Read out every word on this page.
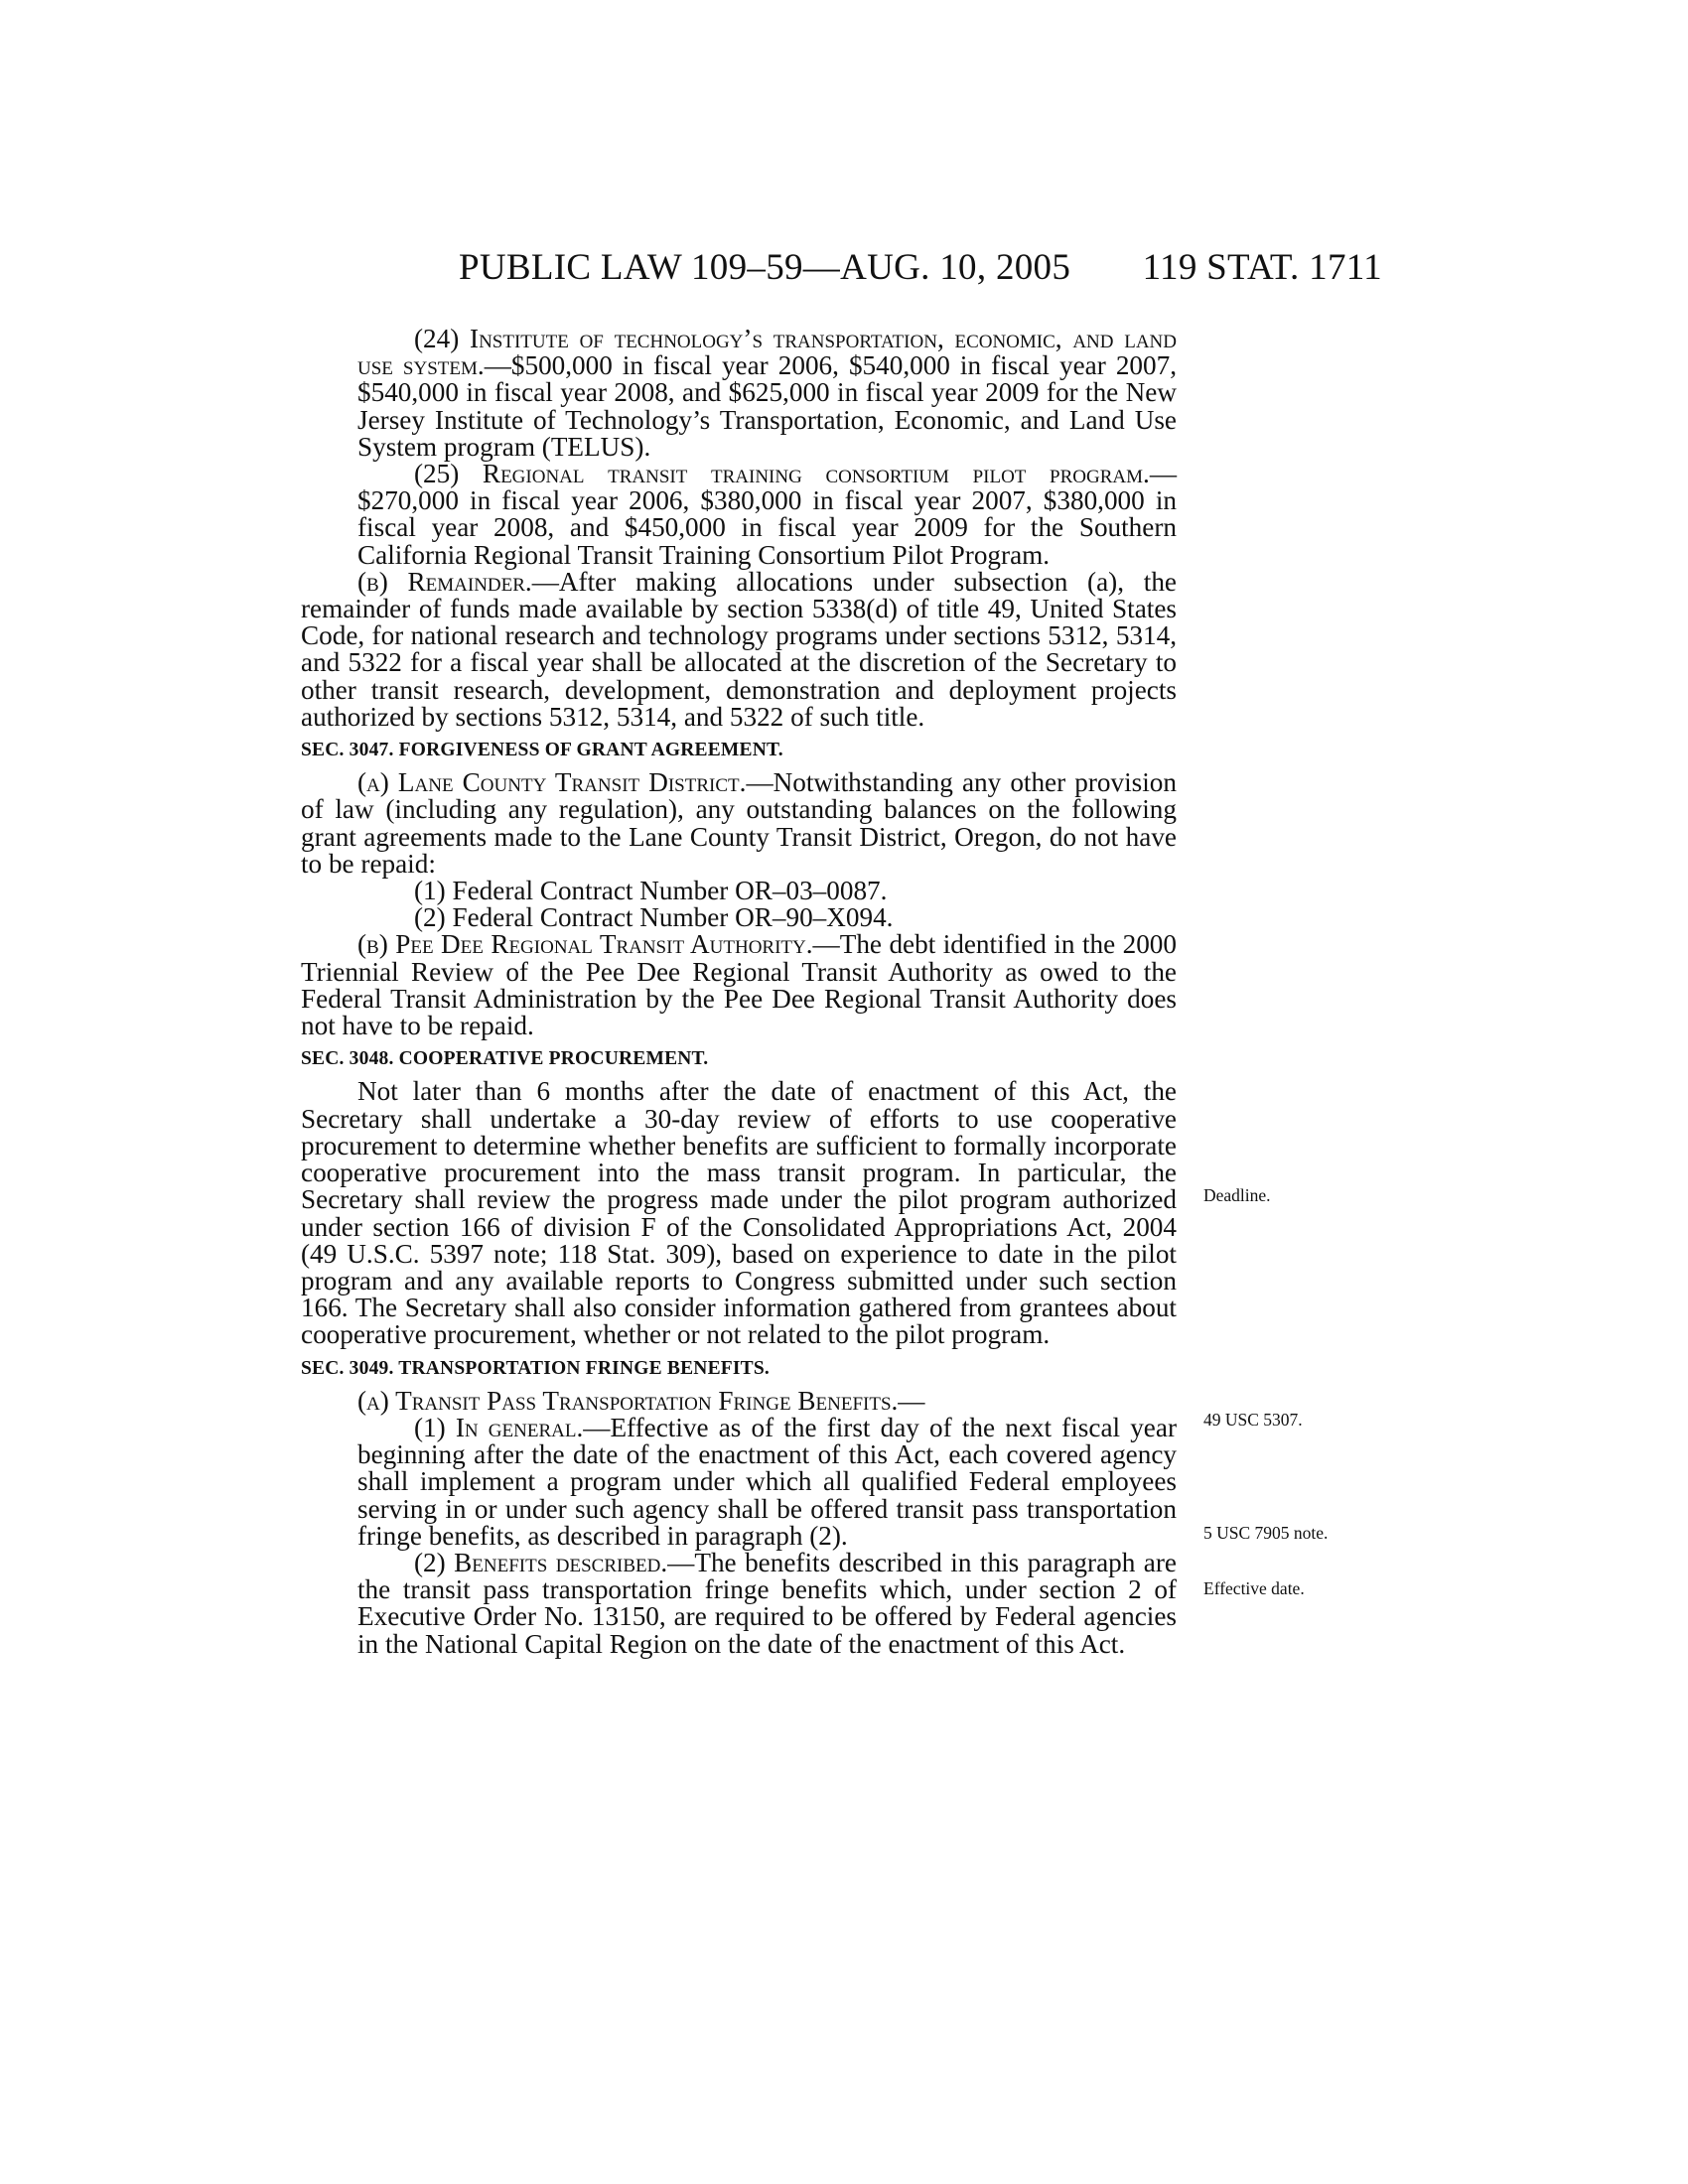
PUBLIC LAW 109–59—AUG. 10, 2005 119 STAT. 1711

(24) Institute of technology’s transportation, economic, and land use system.—$500,000 in fiscal year 2006, $540,000 in fiscal year 2007, $540,000 in fiscal year 2008, and $625,000 in fiscal year 2009 for the New Jersey Institute of Technology’s Transportation, Economic, and Land Use System program (TELUS).

(25) Regional transit training consortium pilot program.—$270,000 in fiscal year 2006, $380,000 in fiscal year 2007, $380,000 in fiscal year 2008, and $450,000 in fiscal year 2009 for the Southern California Regional Transit Training Consortium Pilot Program.

(b) Remainder.—After making allocations under subsection (a), the remainder of funds made available by section 5338(d) of title 49, United States Code, for national research and technology programs under sections 5312, 5314, and 5322 for a fiscal year shall be allocated at the discretion of the Secretary to other transit research, development, demonstration and deployment projects authorized by sections 5312, 5314, and 5322 of such title.

SEC. 3047. FORGIVENESS OF GRANT AGREEMENT.

(a) Lane County Transit District.—Notwithstanding any other provision of law (including any regulation), any outstanding balances on the following grant agreements made to the Lane County Transit District, Oregon, do not have to be repaid:

(1) Federal Contract Number OR–03–0087.

(2) Federal Contract Number OR–90–X094.

(b) Pee Dee Regional Transit Authority.—The debt identified in the 2000 Triennial Review of the Pee Dee Regional Transit Authority as owed to the Federal Transit Administration by the Pee Dee Regional Transit Authority does not have to be repaid.

SEC. 3048. COOPERATIVE PROCUREMENT.

Not later than 6 months after the date of enactment of this Act, the Secretary shall undertake a 30-day review of efforts to use cooperative procurement to determine whether benefits are sufficient to formally incorporate cooperative procurement into the mass transit program. In particular, the Secretary shall review the progress made under the pilot program authorized under section 166 of division F of the Consolidated Appropriations Act, 2004 (49 U.S.C. 5397 note; 118 Stat. 309), based on experience to date in the pilot program and any available reports to Congress submitted under such section 166. The Secretary shall also consider information gathered from grantees about cooperative procurement, whether or not related to the pilot program.

SEC. 3049. TRANSPORTATION FRINGE BENEFITS.

(a) Transit Pass Transportation Fringe Benefits.—

(1) In general.—Effective as of the first day of the next fiscal year beginning after the date of the enactment of this Act, each covered agency shall implement a program under which all qualified Federal employees serving in or under such agency shall be offered transit pass transportation fringe benefits, as described in paragraph (2).

(2) Benefits described.—The benefits described in this paragraph are the transit pass transportation fringe benefits which, under section 2 of Executive Order No. 13150, are required to be offered by Federal agencies in the National Capital Region on the date of the enactment of this Act.

Deadline.
49 USC 5307.
5 USC 7905 note.
Effective date.
